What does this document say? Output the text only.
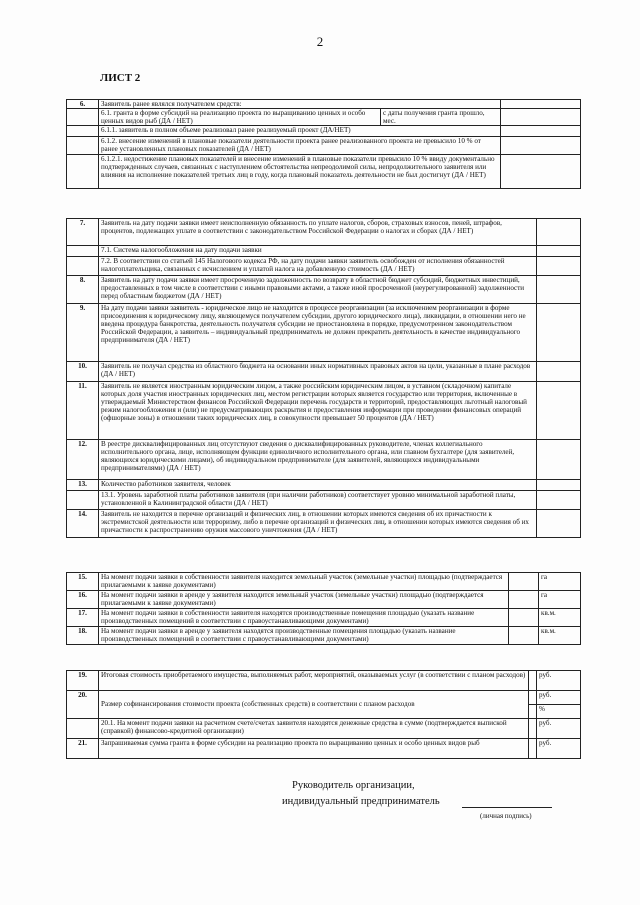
2
ЛИСТ 2
6.	Заявитель ранее являлся получателем средств:		
	6.1. гранта в форме субсидий на реализацию проекта по выращиванию ценных и особо ценных видов рыб (ДА / НЕТ)	с даты получения гранта прошло, мес.	
	6.1.1. заявитель в полном объеме реализовал ранее реализуемый проект (ДА/НЕТ)		
	6.1.2. внесение изменений в плановые показатели деятельности проекта ранее реализованного проекта не превысило 10 % от ранее установленных плановых показателей (ДА / НЕТ)		
	6.1.2.1. недостижение плановых показателей и внесение изменений в плановые показатели превысило 10 % ввиду документально подтвержденных случаев, связанных с наступлением обстоятельства непреодолимой силы, непродолжительного заявителя или влияния на исполнение показателей третьих лиц в году, когда плановый показатель деятельности не был достигнут (ДА / НЕТ)		
7.	Заявитель на дату подачи заявки имеет неисполненную обязанность по уплате налогов, сборов, страховых взносов, пеней, штрафов, процентов, подлежащих уплате в соответствии с законодательством Российской Федерации о налогах и сборах (ДА / НЕТ)	
	7.1. Система налогообложения на дату подачи заявки	
	7.2. В соответствии со статьей 145 Налогового кодекса РФ, на дату подачи заявки заявитель освобожден от исполнения обязанностей налогоплательщика, связанных с исчислением и уплатой налога на добавленную стоимость (ДА / НЕТ)	
8.	Заявитель на дату подачи заявки имеет просроченную задолженность по возврату в областной бюджет субсидий, бюджетных инвестиций, предоставленных в том числе в соответствии с иными правовыми актами, а также иной просроченной (неурегулированной) задолженности перед областным бюджетом (ДА / НЕТ)	
9.	На дату подачи заявки заявитель - юридическое лицо не находится в процессе реорганизации (за исключением реорганизации в форме присоединения к юридическому лицу, являющемуся получателем субсидии, другого юридического лица), ликвидации, в отношении него не введена процедура банкротства, деятельность получателя субсидии не приостановлена в порядке, предусмотренном законодательством Российской Федерации, а заявитель – индивидуальный предприниматель не должен прекратить деятельность в качестве индивидуального предпринимателя (ДА / НЕТ)	
10.	Заявитель не получал средства из областного бюджета на основании иных нормативных правовых актов на цели, указанные в плане расходов (ДА / НЕТ)	
11.	Заявитель не является иностранным юридическим лицом, а также российским юридическим лицом, в уставном (складочном) капитале которых доля участия иностранных юридических лиц, местом регистрации которых является государство или территория, включенные в утверждаемый Министерством финансов Российской Федерации перечень государств и территорий, предоставляющих льготный налоговый режим налогообложения и (или) не предусматривающих раскрытия и предоставления информации при проведении финансовых операций (офшорные зоны) в отношении таких юридических лиц, в совокупности превышает 50 процентов (ДА / НЕТ)	
12.	В реестре дисквалифицированных лиц отсутствуют сведения о дисквалифицированных руководителе, членах коллегиального исполнительного органа, лице, исполняющем функции единоличного исполнительного органа, или главном бухгалтере (для заявителей, являющихся юридическими лицами), об индивидуальном предпринимателе (для заявителей, являющихся индивидуальными предпринимателями) (ДА / НЕТ)	
13.	Количество работников заявителя, человек	
	13.1. Уровень заработной платы работников заявителя (при наличии работников) соответствует уровню минимальной заработной платы, установленной в Калининградской области (ДА / НЕТ)	
14.	Заявитель не находится в перечне организаций и физических лиц, в отношении которых имеются сведения об их причастности к экстремистской деятельности или терроризму, либо в перечне организаций и физических лиц, в отношении которых имеются сведения об их причастности к распространению оружия массового уничтожения (ДА / НЕТ)	
15.	На момент подачи заявки в собственности заявителя находится земельный участок (земельные участки) площадью (подтверждается прилагаемыми к заявке документами)		га
16.	На момент подачи заявки в аренде у заявителя находится земельный участок (земельные участки) площадью (подтверждается прилагаемыми к заявке документами)		га
17.	На момент подачи заявки в собственности заявителя находятся производственные помещения площадью (указать название производственных помещений в соответствии с правоустанавливающими документами)		кв.м.
18.	На момент подачи заявки в аренде у заявителя находятся производственные помещения площадью (указать название производственных помещений в соответствии с правоустанавливающими документами)		кв.м.
19.	Итоговая стоимость приобретаемого имущества, выполняемых работ, мероприятий, оказываемых услуг (в соответствии с планом расходов)		руб.
20.	Размер софинансирования стоимости проекта (собственных средств) в соответствии с планом расходов		руб.
			%
	20.1. На момент подачи заявки на расчетном счете/счетах заявителя находятся денежные средства в сумме (подтверждается выпиской (справкой) финансово-кредитной организации)		руб.
21.	Запрашиваемая сумма гранта в форме субсидии на реализацию проекта по выращиванию ценных и особо ценных видов рыб		руб.
Руководитель организации,
индивидуальный предприниматель
(личная подпись)
